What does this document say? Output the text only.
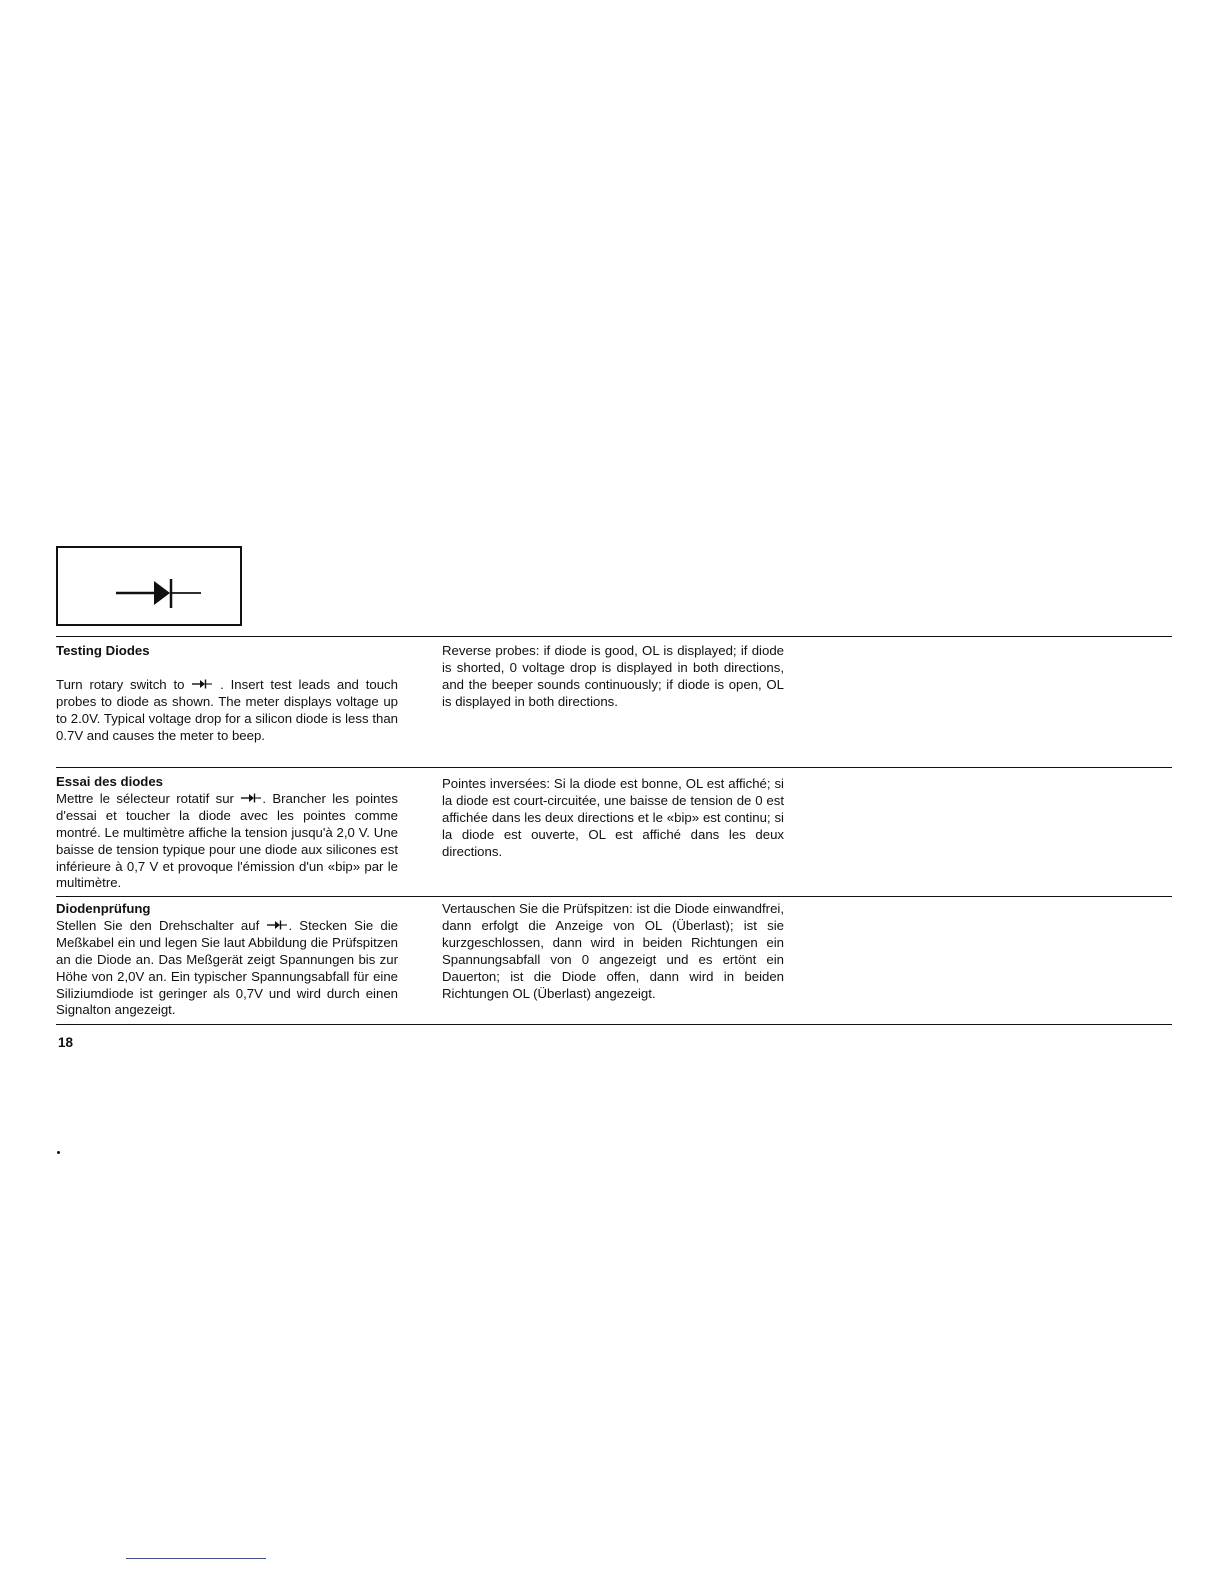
Testing Diodes

Turn rotary switch to  . Insert test leads and touch probes to diode as shown. The meter displays voltage up to 2.0V. Typical voltage drop for a silicon diode is less than 0.7V and causes the meter to beep.

Reverse probes: if diode is good, OL is displayed; if diode is shorted, 0 voltage drop is displayed in both directions, and the beeper sounds continuously; if diode is open, OL is displayed in both directions.

Essai des diodes

Mettre le sélecteur rotatif sur . Brancher les pointes d'essai et toucher la diode avec les pointes comme montré. Le multimètre affiche la tension jusqu'à 2,0 V. Une baisse de tension typique pour une diode aux silicones est inférieure à 0,7 V et provoque l'émission d'un «bip» par le multimètre.

Pointes inversées: Si la diode est bonne, OL est affiché; si la diode est court-circuitée, une baisse de tension de 0 est affichée dans les deux directions et le «bip» est continu; si la diode est ouverte, OL est affiché dans les deux directions.

Diodenprüfung

Stellen Sie den Drehschalter auf . Stecken Sie die Meßkabel ein und legen Sie laut Abbildung die Prüfspitzen an die Diode an. Das Meßgerät zeigt Spannungen bis zur Höhe von 2,0V an. Ein typischer Spannungsabfall für eine Siliziumdiode ist geringer als 0,7V und wird durch einen Signalton angezeigt.

Vertauschen Sie die Prüfspitzen: ist die Diode einwandfrei, dann erfolgt die Anzeige von OL (Überlast); ist sie kurzgeschlossen, dann wird in beiden Richtungen ein Spannungsabfall von 0 angezeigt und es ertönt ein Dauerton; ist die Diode offen, dann wird in beiden Richtungen OL (Überlast) angezeigt.

18
